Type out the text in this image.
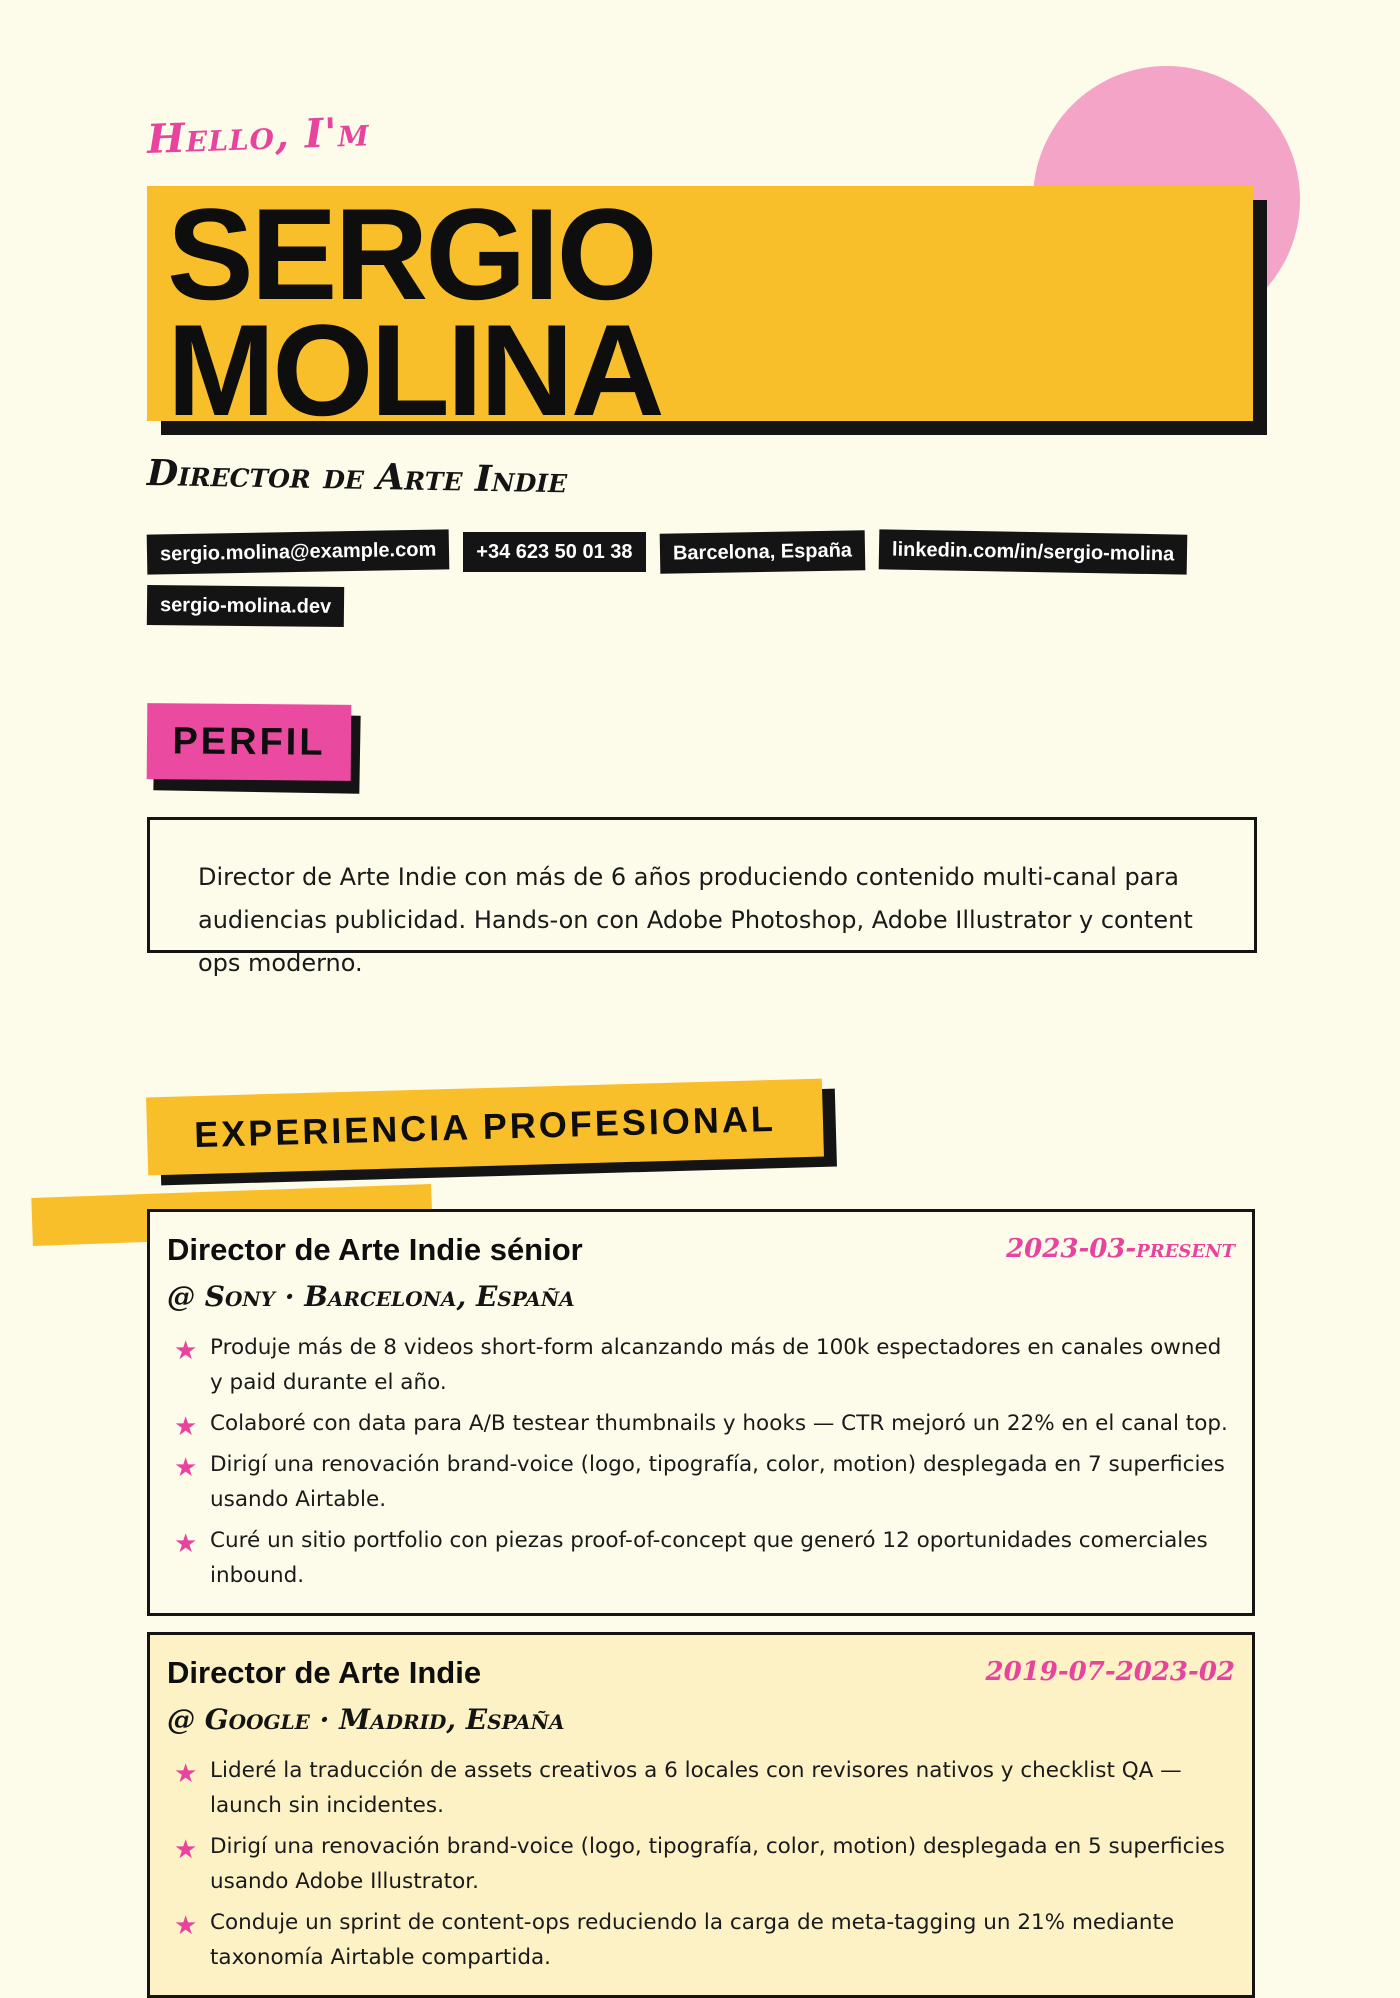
Hello, I'm
SERGIO
MOLINA
Director de Arte Indie
sergio.molina@example.com	+34 623 50 01 38	Barcelona, España	linkedin.com/in/sergio-molina
sergio-molina.dev
PERFIL

Director de Arte Indie con más de 6 años produciendo contenido multi-canal para audiencias publicidad. Hands-on con Adobe Photoshop, Adobe Illustrator y content ops moderno.

EXPERIENCIA PROFESIONAL
Director de Arte Indie sénior	2023-03-present
@ Sony · Barcelona, España
★ Produje más de 8 videos short-form alcanzando más de 100k espectadores en canales owned y paid durante el año.
★ Colaboré con data para A/B testear thumbnails y hooks — CTR mejoró un 22% en el canal top.
★ Dirigí una renovación brand-voice (logo, tipografía, color, motion) desplegada en 7 superficies usando Airtable.
★ Curé un sitio portfolio con piezas proof-of-concept que generó 12 oportunidades comerciales inbound.
Director de Arte Indie	2019-07-2023-02
@ Google · Madrid, España
★ Lideré la traducción de assets creativos a 6 locales con revisores nativos y checklist QA — launch sin incidentes.
★ Dirigí una renovación brand-voice (logo, tipografía, color, motion) desplegada en 5 superficies usando Adobe Illustrator.
★ Conduje un sprint de content-ops reduciendo la carga de meta-tagging un 21% mediante taxonomía Airtable compartida.
